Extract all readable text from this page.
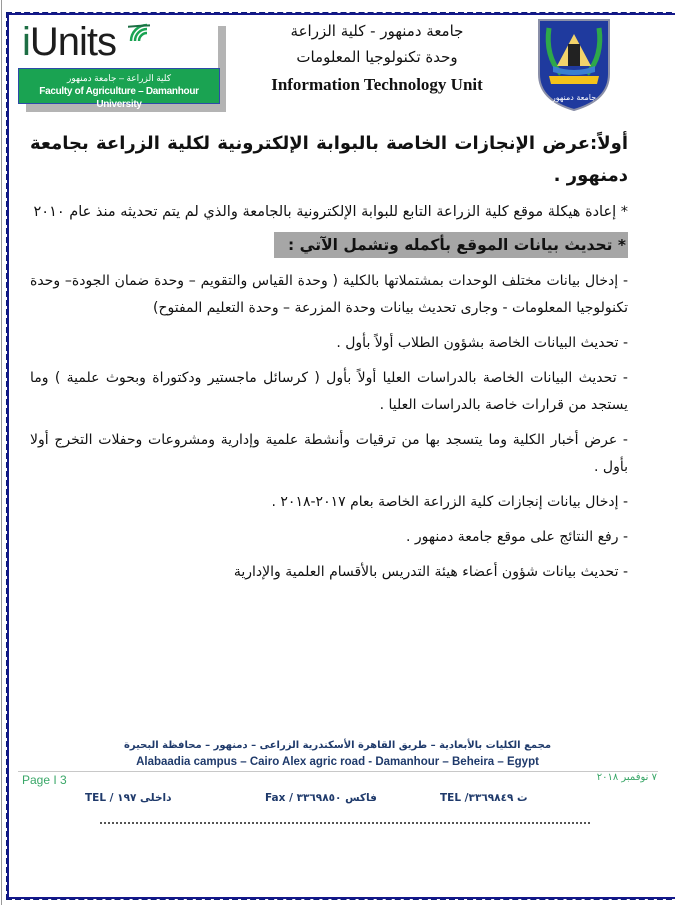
iUnits
كلية الزراعة – جامعة دمنهور
Faculty of Agriculture – Damanhour University
جامعة دمنهور - كلية الزراعة
وحدة تكنولوجيا المعلومات
Information Technology Unit
جامعة دمنهور
أولاً:عرض الإنجازات الخاصة بالبوابة الإلكترونية لكلية الزراعة بجامعة دمنهور .
* إعادة هيكلة موقع كلية الزراعة التابع للبوابة الإلكترونية بالجامعة والذي لم يتم تحديثه منذ عام ٢٠١٠
* تحديث بيانات الموقع بأكمله وتشمل الآتي :
- إدخال بيانات مختلف الوحدات بمشتملاتها بالكلية ( وحدة القياس والتقويم – وحدة ضمان الجودة– وحدة تكنولوجيا المعلومات - وجارى تحديث بيانات وحدة المزرعة – وحدة التعليم المفتوح)
- تحديث البيانات الخاصة بشؤون الطلاب أولاً بأول .
- تحديث البيانات الخاصة بالدراسات العليا أولاً بأول ( كرسائل ماجستير ودكتوراة وبحوث علمية ) وما يستجد من قرارات خاصة بالدراسات العليا .
- عرض أخبار الكلية وما يتسجد بها من ترقيات وأنشطة علمية وإدارية ومشروعات وحفلات التخرج أولا بأول .
- إدخال بيانات إنجازات كلية الزراعة الخاصة بعام ٢٠١٧-٢٠١٨ .
- رفع النتائج على موقع جامعة دمنهور .
- تحديث بيانات شؤون أعضاء هيئة التدريس بالأقسام العلمية والإدارية
مجمع الكليات بالأبعادية – طريق القاهرة الأسكندرية الزراعى – دمنهور – محافظة البحيرة
Alabaadia campus – Cairo Alex agric road - Damanhour – Beheira – Egypt
Page I 3	٧ نوفمبر ٢٠١٨
TEL /ت ٣٣٦٩٨٤٩
Fax / فاكس ٣٣٦٩٨٥٠
TEL / داخلى ١٩٧
